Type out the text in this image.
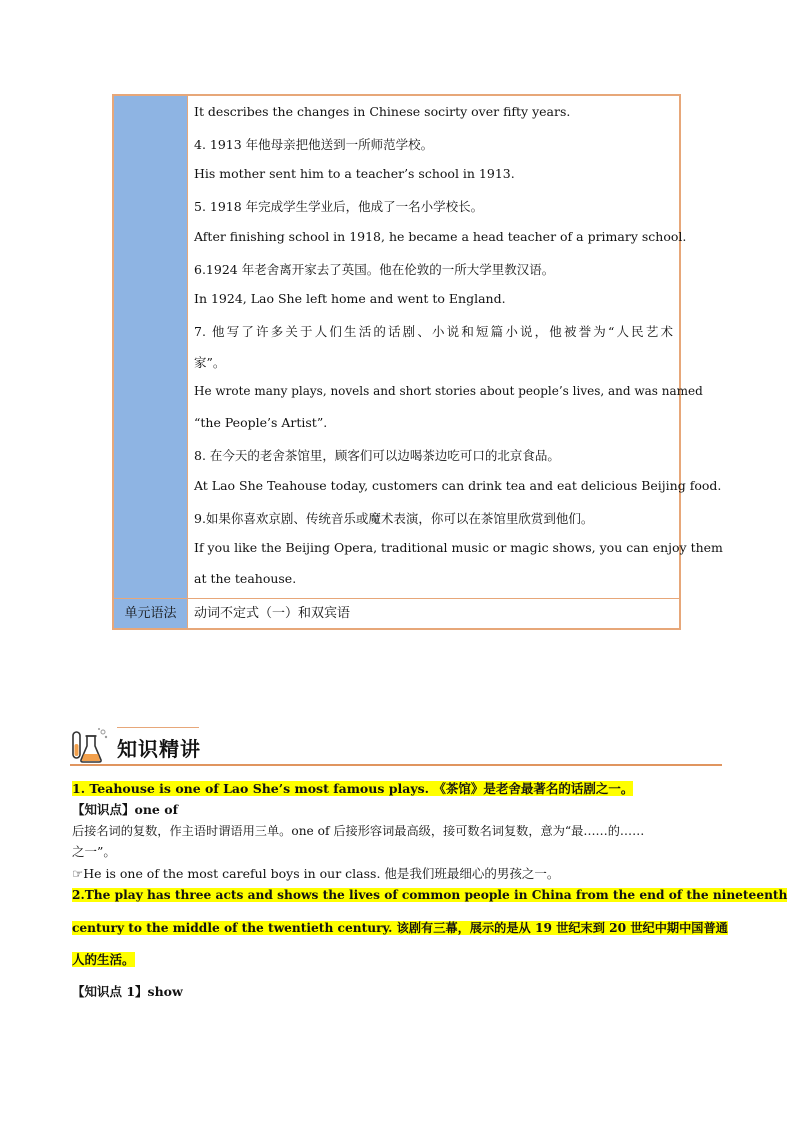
It describes the changes in Chinese socirty over fifty years.
4. 1913 年他母亲把他送到一所师范学校。
His mother sent him to a teacher’s school in 1913.
5. 1918 年完成学生学业后，他成了一名小学校长。
After finishing school in 1918, he became a head teacher of a primary school.
6.1924 年老舍离开家去了英国。他在伦敦的一所大学里教汉语。
In 1924, Lao She left home and went to England.
7. 他写了许多关于人们生活的话剧、小说和短篇小说，他被誉为“人民艺术
家”。
He wrote many plays, novels and short stories about people’s lives, and was named
“the People’s Artist”.
8. 在今天的老舍茶馆里，顾客们可以边喝茶边吃可口的北京食品。
At Lao She Teahouse today, customers can drink tea and eat delicious Beijing food.
9.如果你喜欢京剧、传统音乐或魔术表演，你可以在茶馆里欣赏到他们。
If you like the Beijing Opera, traditional music or magic shows, you can enjoy them
at the teahouse.
单元语法	动词不定式（一）和双宾语
知识精讲
1. Teahouse is one of Lao She’s most famous plays. 《茶馆》是老舍最著名的话剧之一。
【知识点】one of
后接名词的复数，作主语时谓语用三单。one of 后接形容词最高级，接可数名词复数，意为“最……的……
之一”。
☞He is one of the most careful boys in our class. 他是我们班最细心的男孩之一。
2.The play has three acts and shows the lives of common people in China from the end of the nineteenth
century to the middle of the twentieth century. 该剧有三幕，展示的是从 19 世纪末到 20 世纪中期中国普通
人的生活。
【知识点 1】show
